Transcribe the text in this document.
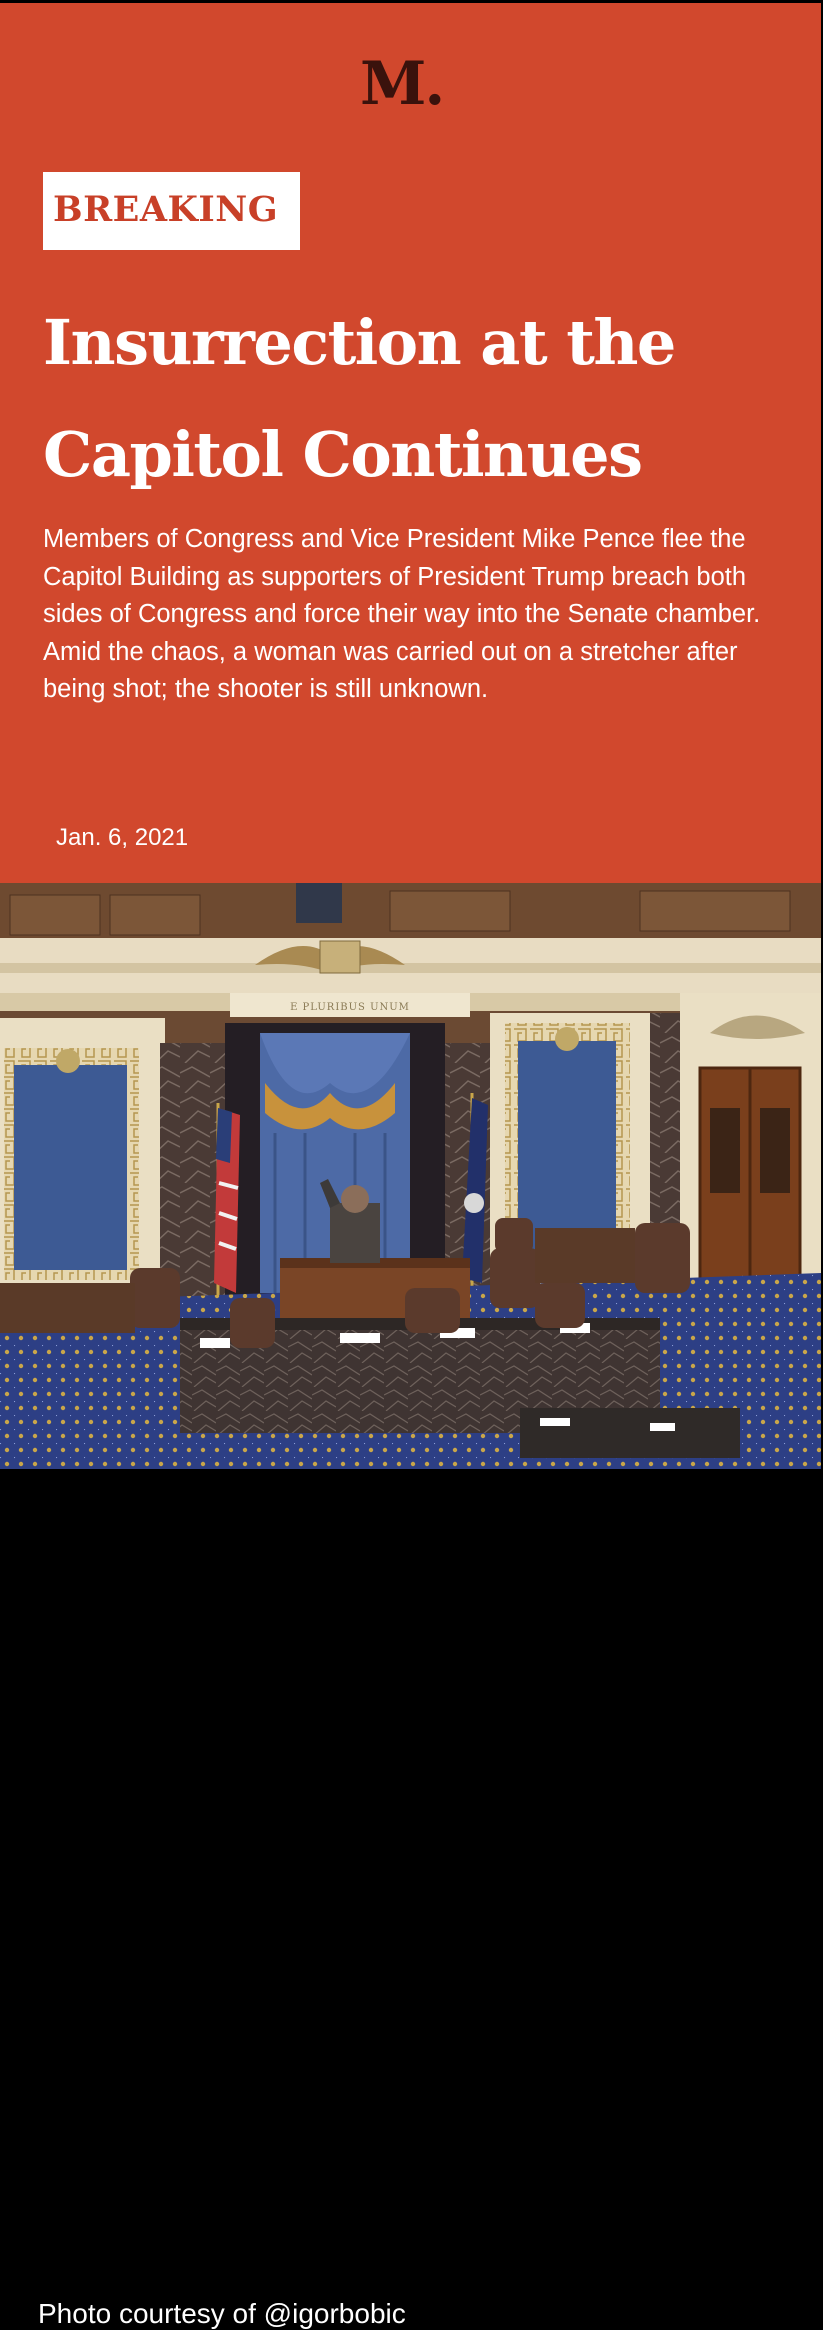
M.
BREAKING
Insurrection at the Capitol Continues
Members of Congress and Vice President Mike Pence flee the Capitol Building as supporters of President Trump breach both sides of Congress and force their way into the Senate chamber. Amid the chaos, a woman was carried out on a stretcher after being shot; the shooter is still unknown.
Jan. 6, 2021
E PLURIBUS UNUM
Photo courtesy of @igorbobic
